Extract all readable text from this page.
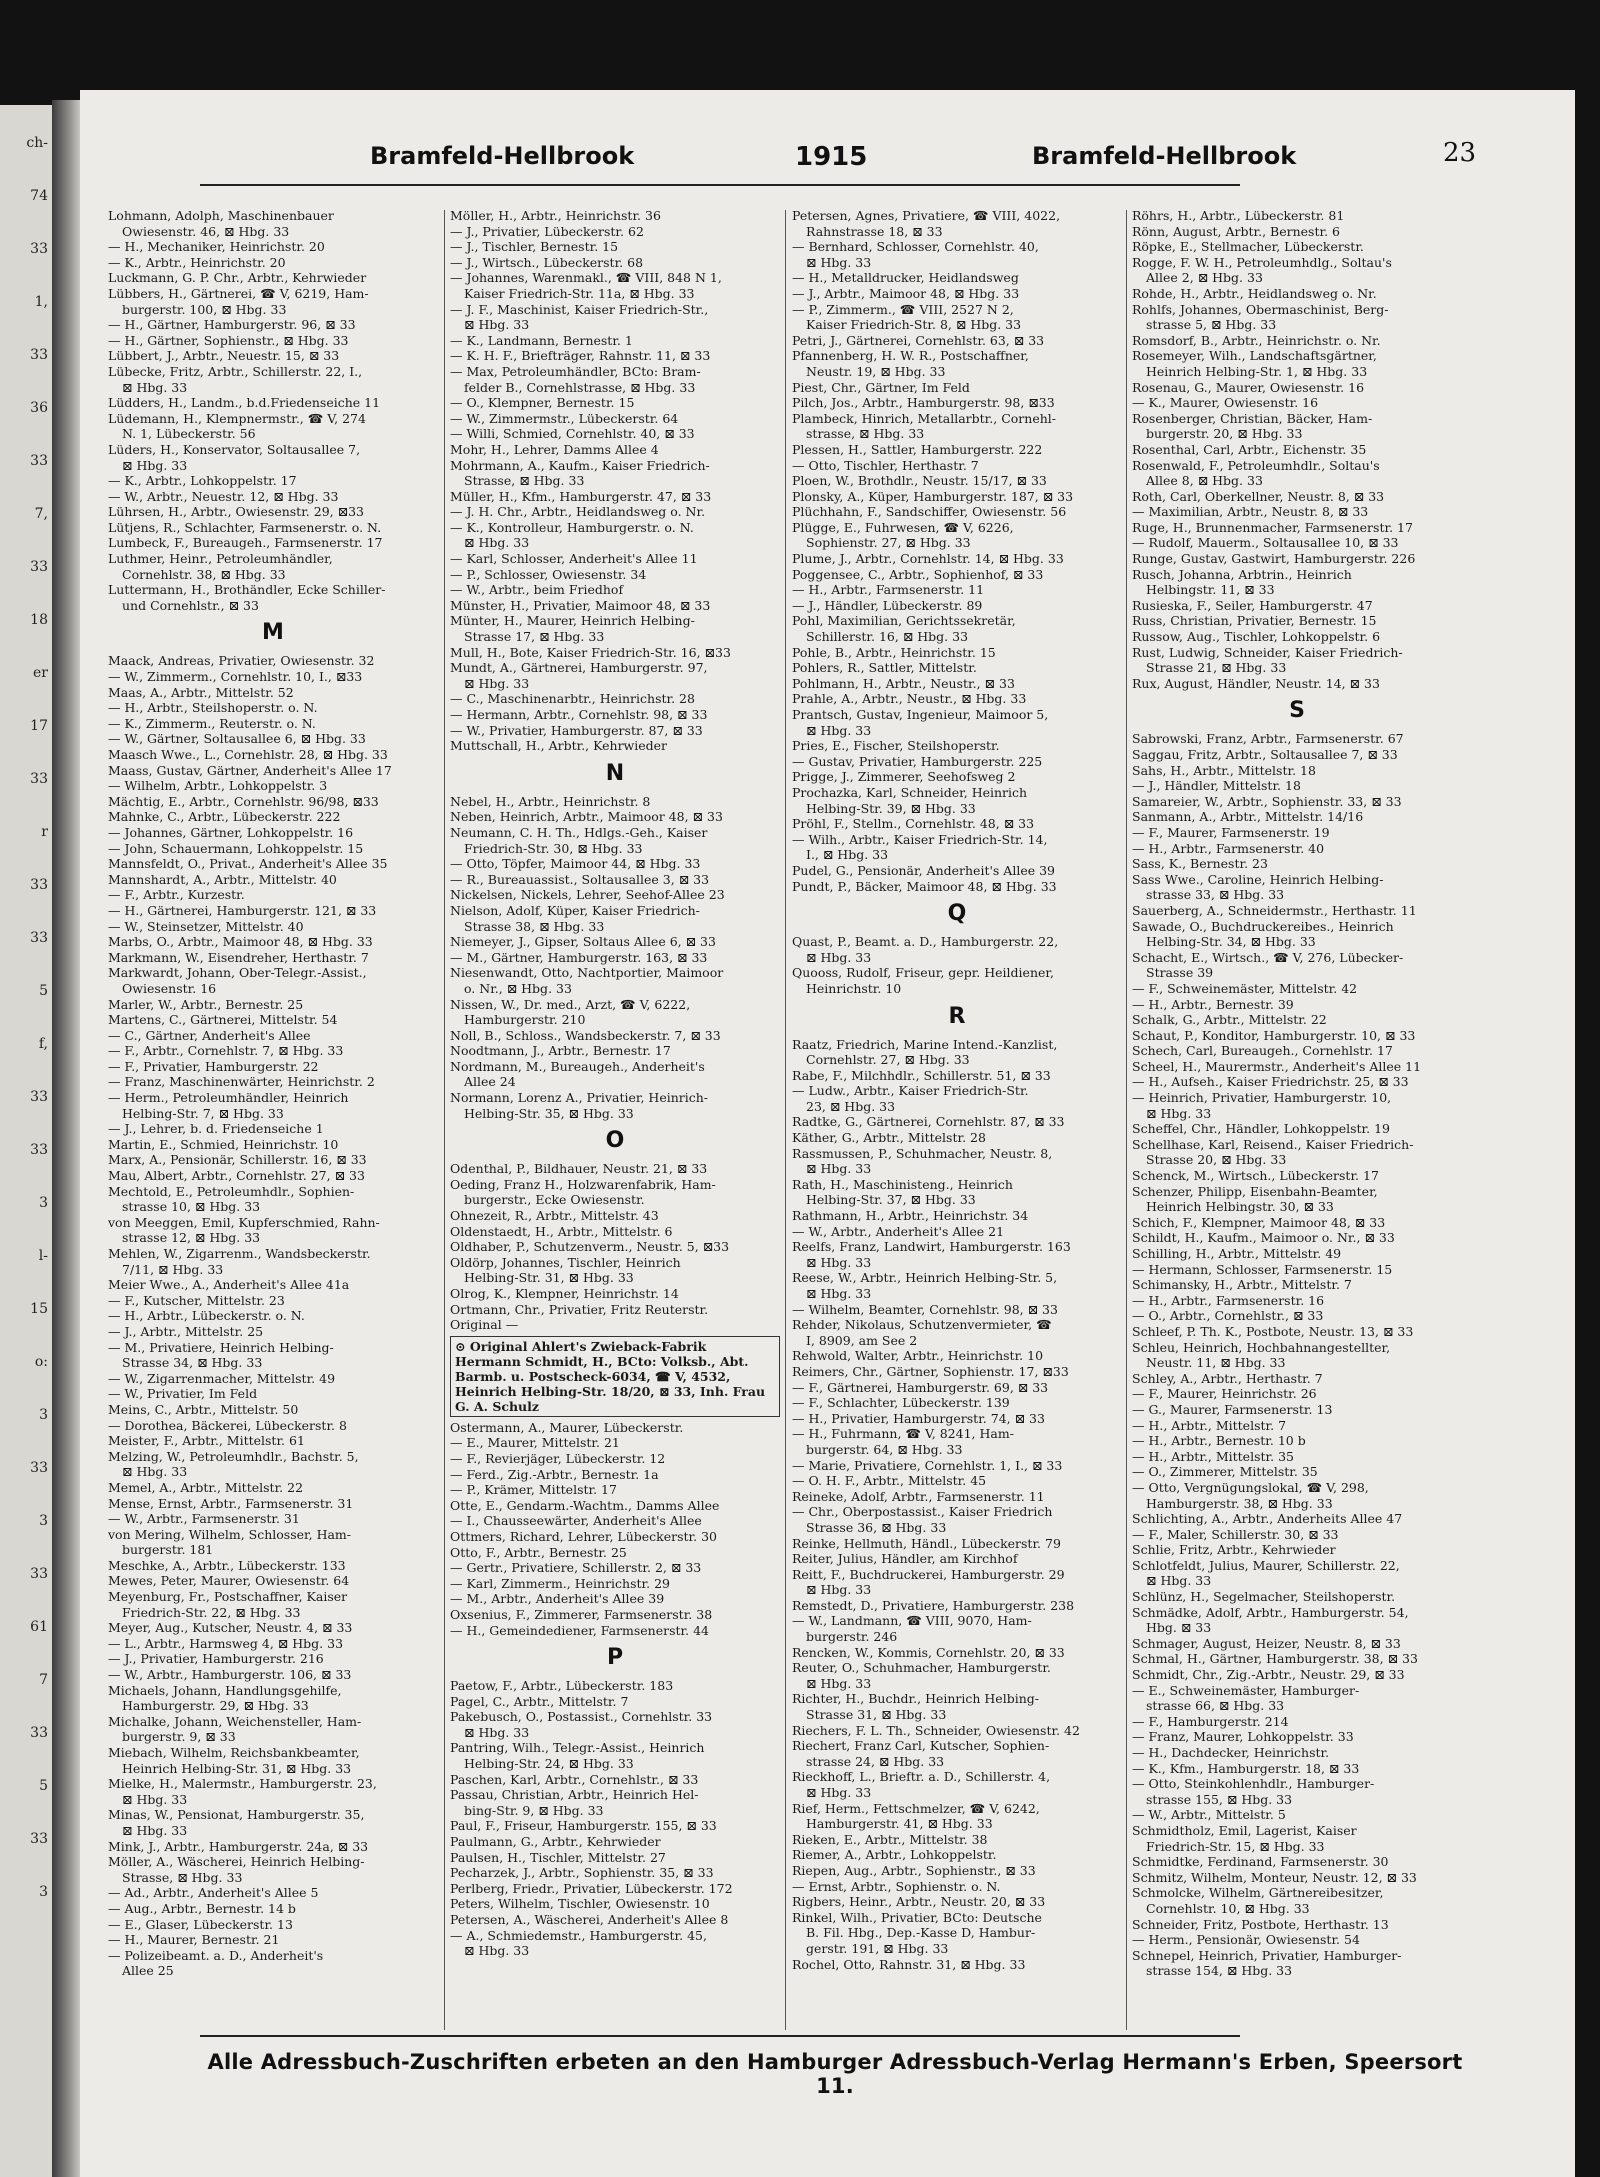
ch-
74
33
1,
33
36
33
7,
33
18
er
17
33
r
33
33
5
f,
33
33
3
l-
15
o:
3
33
3
33
61
7
33
5
33
3
Bramfeld-Hellbrook	1915	Bramfeld-Hellbrook	23
Lohmann, Adolph, Maschinenbauer
Owiesenstr. 46, ⊠ Hbg. 33
— H., Mechaniker, Heinrichstr. 20
— K., Arbtr., Heinrichstr. 20
Luckmann, G. P. Chr., Arbtr., Kehrwieder
Lübbers, H., Gärtnerei, ☎ V, 6219, Ham-
burgerstr. 100, ⊠ Hbg. 33
— H., Gärtner, Hamburgerstr. 96, ⊠ 33
— H., Gärtner, Sophienstr., ⊠ Hbg. 33
Lübbert, J., Arbtr., Neuestr. 15, ⊠ 33
Lübecke, Fritz, Arbtr., Schillerstr. 22, I.,
⊠ Hbg. 33
Lüdders, H., Landm., b.d.Friedenseiche 11
Lüdemann, H., Klempnermstr., ☎ V, 274
N. 1, Lübeckerstr. 56
Lüders, H., Konservator, Soltausallee 7,
⊠ Hbg. 33
— K., Arbtr., Lohkoppelstr. 17
— W., Arbtr., Neuestr. 12, ⊠ Hbg. 33
Lührsen, H., Arbtr., Owiesenstr. 29, ⊠33
Lütjens, R., Schlachter, Farmsenerstr. o. N.
Lumbeck, F., Bureaugeh., Farmsenerstr. 17
Luthmer, Heinr., Petroleumhändler,
Cornehlstr. 38, ⊠ Hbg. 33
Luttermann, H., Brothändler, Ecke Schiller-
und Cornehlstr., ⊠ 33
M
Maack, Andreas, Privatier, Owiesenstr. 32
— W., Zimmerm., Cornehlstr. 10, I., ⊠33
Maas, A., Arbtr., Mittelstr. 52
— H., Arbtr., Steilshoperstr. o. N.
— K., Zimmerm., Reuterstr. o. N.
— W., Gärtner, Soltausallee 6, ⊠ Hbg. 33
Maasch Wwe., L., Cornehlstr. 28, ⊠ Hbg. 33
Maass, Gustav, Gärtner, Anderheit's Allee 17
— Wilhelm, Arbtr., Lohkoppelstr. 3
Mächtig, E., Arbtr., Cornehlstr. 96/98, ⊠33
Mahnke, C., Arbtr., Lübeckerstr. 222
— Johannes, Gärtner, Lohkoppelstr. 16
— John, Schauermann, Lohkoppelstr. 15
Mannsfeldt, O., Privat., Anderheit's Allee 35
Mannshardt, A., Arbtr., Mittelstr. 40
— F., Arbtr., Kurzestr.
— H., Gärtnerei, Hamburgerstr. 121, ⊠ 33
— W., Steinsetzer, Mittelstr. 40
Marbs, O., Arbtr., Maimoor 48, ⊠ Hbg. 33
Markmann, W., Eisendreher, Herthastr. 7
Markwardt, Johann, Ober-Telegr.-Assist.,
Owiesenstr. 16
Marler, W., Arbtr., Bernestr. 25
Martens, C., Gärtnerei, Mittelstr. 54
— C., Gärtner, Anderheit's Allee
— F., Arbtr., Cornehlstr. 7, ⊠ Hbg. 33
— F., Privatier, Hamburgerstr. 22
— Franz, Maschinenwärter, Heinrichstr. 2
— Herm., Petroleumhändler, Heinrich
Helbing-Str. 7, ⊠ Hbg. 33
— J., Lehrer, b. d. Friedenseiche 1
Martin, E., Schmied, Heinrichstr. 10
Marx, A., Pensionär, Schillerstr. 16, ⊠ 33
Mau, Albert, Arbtr., Cornehlstr. 27, ⊠ 33
Mechtold, E., Petroleumhdlr., Sophien-
strasse 10, ⊠ Hbg. 33
von Meeggen, Emil, Kupferschmied, Rahn-
strasse 12, ⊠ Hbg. 33
Mehlen, W., Zigarrenm., Wandsbeckerstr.
7/11, ⊠ Hbg. 33
Meier Wwe., A., Anderheit's Allee 41a
— F., Kutscher, Mittelstr. 23
— H., Arbtr., Lübeckerstr. o. N.
— J., Arbtr., Mittelstr. 25
— M., Privatiere, Heinrich Helbing-
Strasse 34, ⊠ Hbg. 33
— W., Zigarrenmacher, Mittelstr. 49
— W., Privatier, Im Feld
Meins, C., Arbtr., Mittelstr. 50
— Dorothea, Bäckerei, Lübeckerstr. 8
Meister, F., Arbtr., Mittelstr. 61
Melzing, W., Petroleumhdlr., Bachstr. 5,
⊠ Hbg. 33
Memel, A., Arbtr., Mittelstr. 22
Mense, Ernst, Arbtr., Farmsenerstr. 31
— W., Arbtr., Farmsenerstr. 31
von Mering, Wilhelm, Schlosser, Ham-
burgerstr. 181
Meschke, A., Arbtr., Lübeckerstr. 133
Mewes, Peter, Maurer, Owiesenstr. 64
Meyenburg, Fr., Postschaffner, Kaiser
Friedrich-Str. 22, ⊠ Hbg. 33
Meyer, Aug., Kutscher, Neustr. 4, ⊠ 33
— L., Arbtr., Harmsweg 4, ⊠ Hbg. 33
— J., Privatier, Hamburgerstr. 216
— W., Arbtr., Hamburgerstr. 106, ⊠ 33
Michaels, Johann, Handlungsgehilfe,
Hamburgerstr. 29, ⊠ Hbg. 33
Michalke, Johann, Weichensteller, Ham-
burgerstr. 9, ⊠ 33
Miebach, Wilhelm, Reichsbankbeamter,
Heinrich Helbing-Str. 31, ⊠ Hbg. 33
Mielke, H., Malermstr., Hamburgerstr. 23,
⊠ Hbg. 33
Minas, W., Pensionat, Hamburgerstr. 35,
⊠ Hbg. 33
Mink, J., Arbtr., Hamburgerstr. 24a, ⊠ 33
Möller, A., Wäscherei, Heinrich Helbing-
Strasse, ⊠ Hbg. 33
— Ad., Arbtr., Anderheit's Allee 5
— Aug., Arbtr., Bernestr. 14 b
— E., Glaser, Lübeckerstr. 13
— H., Maurer, Bernestr. 21
— Polizeibeamt. a. D., Anderheit's
Allee 25
Möller, H., Arbtr., Heinrichstr. 36
— J., Privatier, Lübeckerstr. 62
— J., Tischler, Bernestr. 15
— J., Wirtsch., Lübeckerstr. 68
— Johannes, Warenmakl., ☎ VIII, 848 N 1,
Kaiser Friedrich-Str. 11a, ⊠ Hbg. 33
— J. F., Maschinist, Kaiser Friedrich-Str.,
⊠ Hbg. 33
— K., Landmann, Bernestr. 1
— K. H. F., Briefträger, Rahnstr. 11, ⊠ 33
— Max, Petroleumhändler, BCto: Bram-
felder B., Cornehlstrasse, ⊠ Hbg. 33
— O., Klempner, Bernestr. 15
— W., Zimmermstr., Lübeckerstr. 64
— Willi, Schmied, Cornehlstr. 40, ⊠ 33
Mohr, H., Lehrer, Damms Allee 4
Mohrmann, A., Kaufm., Kaiser Friedrich-
Strasse, ⊠ Hbg. 33
Müller, H., Kfm., Hamburgerstr. 47, ⊠ 33
— J. H. Chr., Arbtr., Heidlandsweg o. Nr.
— K., Kontrolleur, Hamburgerstr. o. N.
⊠ Hbg. 33
— Karl, Schlosser, Anderheit's Allee 11
— P., Schlosser, Owiesenstr. 34
— W., Arbtr., beim Friedhof
Münster, H., Privatier, Maimoor 48, ⊠ 33
Münter, H., Maurer, Heinrich Helbing-
Strasse 17, ⊠ Hbg. 33
Mull, H., Bote, Kaiser Friedrich-Str. 16, ⊠33
Mundt, A., Gärtnerei, Hamburgerstr. 97,
⊠ Hbg. 33
— C., Maschinenarbtr., Heinrichstr. 28
— Hermann, Arbtr., Cornehlstr. 98, ⊠ 33
— W., Privatier, Hamburgerstr. 87, ⊠ 33
Muttschall, H., Arbtr., Kehrwieder
N
Nebel, H., Arbtr., Heinrichstr. 8
Neben, Heinrich, Arbtr., Maimoor 48, ⊠ 33
Neumann, C. H. Th., Hdlgs.-Geh., Kaiser
Friedrich-Str. 30, ⊠ Hbg. 33
— Otto, Töpfer, Maimoor 44, ⊠ Hbg. 33
— R., Bureauassist., Soltausallee 3, ⊠ 33
Nickelsen, Nickels, Lehrer, Seehof-Allee 23
Nielson, Adolf, Küper, Kaiser Friedrich-
Strasse 38, ⊠ Hbg. 33
Niemeyer, J., Gipser, Soltaus Allee 6, ⊠ 33
— M., Gärtner, Hamburgerstr. 163, ⊠ 33
Niesenwandt, Otto, Nachtportier, Maimoor
o. Nr., ⊠ Hbg. 33
Nissen, W., Dr. med., Arzt, ☎ V, 6222,
Hamburgerstr. 210
Noll, B., Schloss., Wandsbeckerstr. 7, ⊠ 33
Noodtmann, J., Arbtr., Bernestr. 17
Nordmann, M., Bureaugeh., Anderheit's
Allee 24
Normann, Lorenz A., Privatier, Heinrich-
Helbing-Str. 35, ⊠ Hbg. 33
O
Odenthal, P., Bildhauer, Neustr. 21, ⊠ 33
Oeding, Franz H., Holzwarenfabrik, Ham-
burgerstr., Ecke Owiesenstr.
Ohnezeit, R., Arbtr., Mittelstr. 43
Oldenstaedt, H., Arbtr., Mittelstr. 6
Oldhaber, P., Schutzenverm., Neustr. 5, ⊠33
Oldörp, Johannes, Tischler, Heinrich
Helbing-Str. 31, ⊠ Hbg. 33
Olrog, K., Klempner, Heinrichstr. 14
Ortmann, Chr., Privatier, Fritz Reuterstr.
Original —
⊙ Original Ahlert's Zwieback-Fabrik Hermann Schmidt, H., BCto: Volksb., Abt. Barmb. u. Postscheck-6034, ☎ V, 4532, Heinrich Helbing-Str. 18/20, ⊠ 33, Inh. Frau G. A. Schulz
Ostermann, A., Maurer, Lübeckerstr.
— E., Maurer, Mittelstr. 21
— F., Revierjäger, Lübeckerstr. 12
— Ferd., Zig.-Arbtr., Bernestr. 1a
— P., Krämer, Mittelstr. 17
Otte, E., Gendarm.-Wachtm., Damms Allee
— I., Chausseewärter, Anderheit's Allee
Ottmers, Richard, Lehrer, Lübeckerstr. 30
Otto, F., Arbtr., Bernestr. 25
— Gertr., Privatiere, Schillerstr. 2, ⊠ 33
— Karl, Zimmerm., Heinrichstr. 29
— M., Arbtr., Anderheit's Allee 39
Oxsenius, F., Zimmerer, Farmsenerstr. 38
— H., Gemeindediener, Farmsenerstr. 44
P
Paetow, F., Arbtr., Lübeckerstr. 183
Pagel, C., Arbtr., Mittelstr. 7
Pakebusch, O., Postassist., Cornehlstr. 33
⊠ Hbg. 33
Pantring, Wilh., Telegr.-Assist., Heinrich
Helbing-Str. 24, ⊠ Hbg. 33
Paschen, Karl, Arbtr., Cornehlstr., ⊠ 33
Passau, Christian, Arbtr., Heinrich Hel-
bing-Str. 9, ⊠ Hbg. 33
Paul, F., Friseur, Hamburgerstr. 155, ⊠ 33
Paulmann, G., Arbtr., Kehrwieder
Paulsen, H., Tischler, Mittelstr. 27
Pecharzek, J., Arbtr., Sophienstr. 35, ⊠ 33
Perlberg, Friedr., Privatier, Lübeckerstr. 172
Peters, Wilhelm, Tischler, Owiesenstr. 10
Petersen, A., Wäscherei, Anderheit's Allee 8
— A., Schmiedemstr., Hamburgerstr. 45,
⊠ Hbg. 33
Petersen, Agnes, Privatiere, ☎ VIII, 4022,
Rahnstrasse 18, ⊠ 33
— Bernhard, Schlosser, Cornehlstr. 40,
⊠ Hbg. 33
— H., Metalldrucker, Heidlandsweg
— J., Arbtr., Maimoor 48, ⊠ Hbg. 33
— P., Zimmerm., ☎ VIII, 2527 N 2,
Kaiser Friedrich-Str. 8, ⊠ Hbg. 33
Petri, J., Gärtnerei, Cornehlstr. 63, ⊠ 33
Pfannenberg, H. W. R., Postschaffner,
Neustr. 19, ⊠ Hbg. 33
Piest, Chr., Gärtner, Im Feld
Pilch, Jos., Arbtr., Hamburgerstr. 98, ⊠33
Plambeck, Hinrich, Metallarbtr., Cornehl-
strasse, ⊠ Hbg. 33
Plessen, H., Sattler, Hamburgerstr. 222
— Otto, Tischler, Herthastr. 7
Ploen, W., Brothdlr., Neustr. 15/17, ⊠ 33
Plonsky, A., Küper, Hamburgerstr. 187, ⊠ 33
Plüchhahn, F., Sandschiffer, Owiesenstr. 56
Plügge, E., Fuhrwesen, ☎ V, 6226,
Sophienstr. 27, ⊠ Hbg. 33
Plume, J., Arbtr., Cornehlstr. 14, ⊠ Hbg. 33
Poggensee, C., Arbtr., Sophienhof, ⊠ 33
— H., Arbtr., Farmsenerstr. 11
— J., Händler, Lübeckerstr. 89
Pohl, Maximilian, Gerichtssekretär,
Schillerstr. 16, ⊠ Hbg. 33
Pohle, B., Arbtr., Heinrichstr. 15
Pohlers, R., Sattler, Mittelstr.
Pohlmann, H., Arbtr., Neustr., ⊠ 33
Prahle, A., Arbtr., Neustr., ⊠ Hbg. 33
Prantsch, Gustav, Ingenieur, Maimoor 5,
⊠ Hbg. 33
Pries, E., Fischer, Steilshoperstr.
— Gustav, Privatier, Hamburgerstr. 225
Prigge, J., Zimmerer, Seehofsweg 2
Prochazka, Karl, Schneider, Heinrich
Helbing-Str. 39, ⊠ Hbg. 33
Pröhl, F., Stellm., Cornehlstr. 48, ⊠ 33
— Wilh., Arbtr., Kaiser Friedrich-Str. 14,
I., ⊠ Hbg. 33
Pudel, G., Pensionär, Anderheit's Allee 39
Pundt, P., Bäcker, Maimoor 48, ⊠ Hbg. 33
Q
Quast, P., Beamt. a. D., Hamburgerstr. 22,
⊠ Hbg. 33
Quooss, Rudolf, Friseur, gepr. Heildiener,
Heinrichstr. 10
R
Raatz, Friedrich, Marine Intend.-Kanzlist,
Cornehlstr. 27, ⊠ Hbg. 33
Rabe, F., Milchhdlr., Schillerstr. 51, ⊠ 33
— Ludw., Arbtr., Kaiser Friedrich-Str.
23, ⊠ Hbg. 33
Radtke, G., Gärtnerei, Cornehlstr. 87, ⊠ 33
Käther, G., Arbtr., Mittelstr. 28
Rassmussen, P., Schuhmacher, Neustr. 8,
⊠ Hbg. 33
Rath, H., Maschinisteng., Heinrich
Helbing-Str. 37, ⊠ Hbg. 33
Rathmann, H., Arbtr., Heinrichstr. 34
— W., Arbtr., Anderheit's Allee 21
Reelfs, Franz, Landwirt, Hamburgerstr. 163
⊠ Hbg. 33
Reese, W., Arbtr., Heinrich Helbing-Str. 5,
⊠ Hbg. 33
— Wilhelm, Beamter, Cornehlstr. 98, ⊠ 33
Rehder, Nikolaus, Schutzenvermieter, ☎
I, 8909, am See 2
Rehwold, Walter, Arbtr., Heinrichstr. 10
Reimers, Chr., Gärtner, Sophienstr. 17, ⊠33
— F., Gärtnerei, Hamburgerstr. 69, ⊠ 33
— F., Schlachter, Lübeckerstr. 139
— H., Privatier, Hamburgerstr. 74, ⊠ 33
— H., Fuhrmann, ☎ V, 8241, Ham-
burgerstr. 64, ⊠ Hbg. 33
— Marie, Privatiere, Cornehlstr. 1, I., ⊠ 33
— O. H. F., Arbtr., Mittelstr. 45
Reineke, Adolf, Arbtr., Farmsenerstr. 11
— Chr., Oberpostassist., Kaiser Friedrich
Strasse 36, ⊠ Hbg. 33
Reinke, Hellmuth, Händl., Lübeckerstr. 79
Reiter, Julius, Händler, am Kirchhof
Reitt, F., Buchdruckerei, Hamburgerstr. 29
⊠ Hbg. 33
Remstedt, D., Privatiere, Hamburgerstr. 238
— W., Landmann, ☎ VIII, 9070, Ham-
burgerstr. 246
Rencken, W., Kommis, Cornehlstr. 20, ⊠ 33
Reuter, O., Schuhmacher, Hamburgerstr.
⊠ Hbg. 33
Richter, H., Buchdr., Heinrich Helbing-
Strasse 31, ⊠ Hbg. 33
Riechers, F. L. Th., Schneider, Owiesenstr. 42
Riechert, Franz Carl, Kutscher, Sophien-
strasse 24, ⊠ Hbg. 33
Rieckhoff, L., Brieftr. a. D., Schillerstr. 4,
⊠ Hbg. 33
Rief, Herm., Fettschmelzer, ☎ V, 6242,
Hamburgerstr. 41, ⊠ Hbg. 33
Rieken, E., Arbtr., Mittelstr. 38
Riemer, A., Arbtr., Lohkoppelstr.
Riepen, Aug., Arbtr., Sophienstr., ⊠ 33
— Ernst, Arbtr., Sophienstr. o. N.
Rigbers, Heinr., Arbtr., Neustr. 20, ⊠ 33
Rinkel, Wilh., Privatier, BCto: Deutsche
B. Fil. Hbg., Dep.-Kasse D, Hambur-
gerstr. 191, ⊠ Hbg. 33
Rochel, Otto, Rahnstr. 31, ⊠ Hbg. 33
Röhrs, H., Arbtr., Lübeckerstr. 81
Rönn, August, Arbtr., Bernestr. 6
Röpke, E., Stellmacher, Lübeckerstr.
Rogge, F. W. H., Petroleumhdlg., Soltau's
Allee 2, ⊠ Hbg. 33
Rohde, H., Arbtr., Heidlandsweg o. Nr.
Rohlfs, Johannes, Obermaschinist, Berg-
strasse 5, ⊠ Hbg. 33
Romsdorf, B., Arbtr., Heinrichstr. o. Nr.
Rosemeyer, Wilh., Landschaftsgärtner,
Heinrich Helbing-Str. 1, ⊠ Hbg. 33
Rosenau, G., Maurer, Owiesenstr. 16
— K., Maurer, Owiesenstr. 16
Rosenberger, Christian, Bäcker, Ham-
burgerstr. 20, ⊠ Hbg. 33
Rosenthal, Carl, Arbtr., Eichenstr. 35
Rosenwald, F., Petroleumhdlr., Soltau's
Allee 8, ⊠ Hbg. 33
Roth, Carl, Oberkellner, Neustr. 8, ⊠ 33
— Maximilian, Arbtr., Neustr. 8, ⊠ 33
Ruge, H., Brunnenmacher, Farmsenerstr. 17
— Rudolf, Mauerm., Soltausallee 10, ⊠ 33
Runge, Gustav, Gastwirt, Hamburgerstr. 226
Rusch, Johanna, Arbtrin., Heinrich
Helbingstr. 11, ⊠ 33
Rusieska, F., Seiler, Hamburgerstr. 47
Russ, Christian, Privatier, Bernestr. 15
Russow, Aug., Tischler, Lohkoppelstr. 6
Rust, Ludwig, Schneider, Kaiser Friedrich-
Strasse 21, ⊠ Hbg. 33
Rux, August, Händler, Neustr. 14, ⊠ 33
S
Sabrowski, Franz, Arbtr., Farmsenerstr. 67
Saggau, Fritz, Arbtr., Soltausallee 7, ⊠ 33
Sahs, H., Arbtr., Mittelstr. 18
— J., Händler, Mittelstr. 18
Samareier, W., Arbtr., Sophienstr. 33, ⊠ 33
Sanmann, A., Arbtr., Mittelstr. 14/16
— F., Maurer, Farmsenerstr. 19
— H., Arbtr., Farmsenerstr. 40
Sass, K., Bernestr. 23
Sass Wwe., Caroline, Heinrich Helbing-
strasse 33, ⊠ Hbg. 33
Sauerberg, A., Schneidermstr., Herthastr. 11
Sawade, O., Buchdruckereibes., Heinrich
Helbing-Str. 34, ⊠ Hbg. 33
Schacht, E., Wirtsch., ☎ V, 276, Lübecker-
Strasse 39
— F., Schweinemäster, Mittelstr. 42
— H., Arbtr., Bernestr. 39
Schalk, G., Arbtr., Mittelstr. 22
Schaut, P., Konditor, Hamburgerstr. 10, ⊠ 33
Schech, Carl, Bureaugeh., Cornehlstr. 17
Scheel, H., Maurermstr., Anderheit's Allee 11
— H., Aufseh., Kaiser Friedrichstr. 25, ⊠ 33
— Heinrich, Privatier, Hamburgerstr. 10,
⊠ Hbg. 33
Scheffel, Chr., Händler, Lohkoppelstr. 19
Schellhase, Karl, Reisend., Kaiser Friedrich-
Strasse 20, ⊠ Hbg. 33
Schenck, M., Wirtsch., Lübeckerstr. 17
Schenzer, Philipp, Eisenbahn-Beamter,
Heinrich Helbingstr. 30, ⊠ 33
Schich, F., Klempner, Maimoor 48, ⊠ 33
Schildt, H., Kaufm., Maimoor o. Nr., ⊠ 33
Schilling, H., Arbtr., Mittelstr. 49
— Hermann, Schlosser, Farmsenerstr. 15
Schimansky, H., Arbtr., Mittelstr. 7
— H., Arbtr., Farmsenerstr. 16
— O., Arbtr., Cornehlstr., ⊠ 33
Schleef, P. Th. K., Postbote, Neustr. 13, ⊠ 33
Schleu, Heinrich, Hochbahnangestellter,
Neustr. 11, ⊠ Hbg. 33
Schley, A., Arbtr., Herthastr. 7
— F., Maurer, Heinrichstr. 26
— G., Maurer, Farmsenerstr. 13
— H., Arbtr., Mittelstr. 7
— H., Arbtr., Bernestr. 10 b
— H., Arbtr., Mittelstr. 35
— O., Zimmerer, Mittelstr. 35
— Otto, Vergnügungslokal, ☎ V, 298,
Hamburgerstr. 38, ⊠ Hbg. 33
Schlichting, A., Arbtr., Anderheits Allee 47
— F., Maler, Schillerstr. 30, ⊠ 33
Schlie, Fritz, Arbtr., Kehrwieder
Schlotfeldt, Julius, Maurer, Schillerstr. 22,
⊠ Hbg. 33
Schlünz, H., Segelmacher, Steilshoperstr.
Schmädke, Adolf, Arbtr., Hamburgerstr. 54,
Hbg. ⊠ 33
Schmager, August, Heizer, Neustr. 8, ⊠ 33
Schmal, H., Gärtner, Hamburgerstr. 38, ⊠ 33
Schmidt, Chr., Zig.-Arbtr., Neustr. 29, ⊠ 33
— E., Schweinemäster, Hamburger-
strasse 66, ⊠ Hbg. 33
— F., Hamburgerstr. 214
— Franz, Maurer, Lohkoppelstr. 33
— H., Dachdecker, Heinrichstr.
— K., Kfm., Hamburgerstr. 18, ⊠ 33
— Otto, Steinkohlenhdlr., Hamburger-
strasse 155, ⊠ Hbg. 33
— W., Arbtr., Mittelstr. 5
Schmidtholz, Emil, Lagerist, Kaiser
Friedrich-Str. 15, ⊠ Hbg. 33
Schmidtke, Ferdinand, Farmsenerstr. 30
Schmitz, Wilhelm, Monteur, Neustr. 12, ⊠ 33
Schmolcke, Wilhelm, Gärtnereibesitzer,
Cornehlstr. 10, ⊠ Hbg. 33
Schneider, Fritz, Postbote, Herthastr. 13
— Herm., Pensionär, Owiesenstr. 54
Schnepel, Heinrich, Privatier, Hamburger-
strasse 154, ⊠ Hbg. 33
Alle Adressbuch-Zuschriften erbeten an den Hamburger Adressbuch-Verlag Hermann's Erben, Speersort 11.
